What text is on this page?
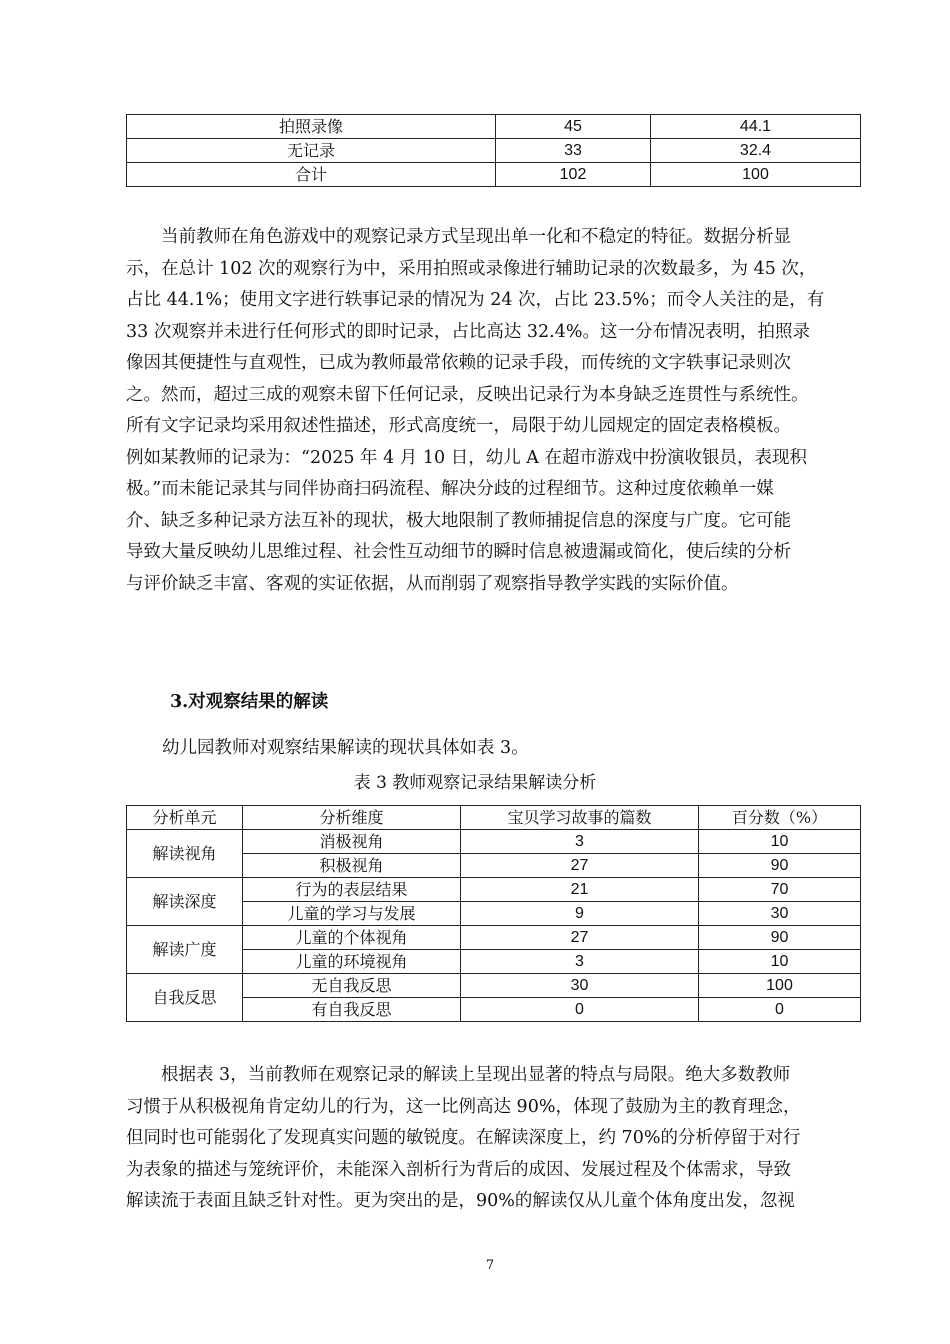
拍照录像	45	44.1
无记录	33	32.4
合计	102	100
　　当前教师在角色游戏中的观察记录方式呈现出单一化和不稳定的特征。数据分析显
示，在总计 102 次的观察行为中，采用拍照或录像进行辅助记录的次数最多，为 45 次，
占比 44.1%；使用文字进行轶事记录的情况为 24 次，占比 23.5%；而令人关注的是，有
33 次观察并未进行任何形式的即时记录，占比高达 32.4%。这一分布情况表明，拍照录
像因其便捷性与直观性，已成为教师最常依赖的记录手段，而传统的文字轶事记录则次
之。然而，超过三成的观察未留下任何记录，反映出记录行为本身缺乏连贯性与系统性。
所有文字记录均采用叙述性描述，形式高度统一，局限于幼儿园规定的固定表格模板。
例如某教师的记录为：“2025 年 4 月 10 日，幼儿 A 在超市游戏中扮演收银员，表现积
极。”而未能记录其与同伴协商扫码流程、解决分歧的过程细节。这种过度依赖单一媒
介、缺乏多种记录方法互补的现状，极大地限制了教师捕捉信息的深度与广度。它可能
导致大量反映幼儿思维过程、社会性互动细节的瞬时信息被遗漏或简化，使后续的分析
与评价缺乏丰富、客观的实证依据，从而削弱了观察指导教学实践的实际价值。

3.对观察结果的解读

幼儿园教师对观察结果解读的现状具体如表 3。

表 3 教师观察记录结果解读分析

分析单元	分析维度	宝贝学习故事的篇数	百分数（%）
解读视角	消极视角	3	10
	积极视角	27	90
解读深度	行为的表层结果	21	70
	儿童的学习与发展	9	30
解读广度	儿童的个体视角	27	90
	儿童的环境视角	3	10
自我反思	无自我反思	30	100
	有自我反思	0	0
　　根据表 3，当前教师在观察记录的解读上呈现出显著的特点与局限。绝大多数教师
习惯于从积极视角肯定幼儿的行为，这一比例高达 90%，体现了鼓励为主的教育理念，
但同时也可能弱化了发现真实问题的敏锐度。在解读深度上，约 70%的分析停留于对行
为表象的描述与笼统评价，未能深入剖析行为背后的成因、发展过程及个体需求，导致
解读流于表面且缺乏针对性。更为突出的是，90%的解读仅从儿童个体角度出发，忽视

7
